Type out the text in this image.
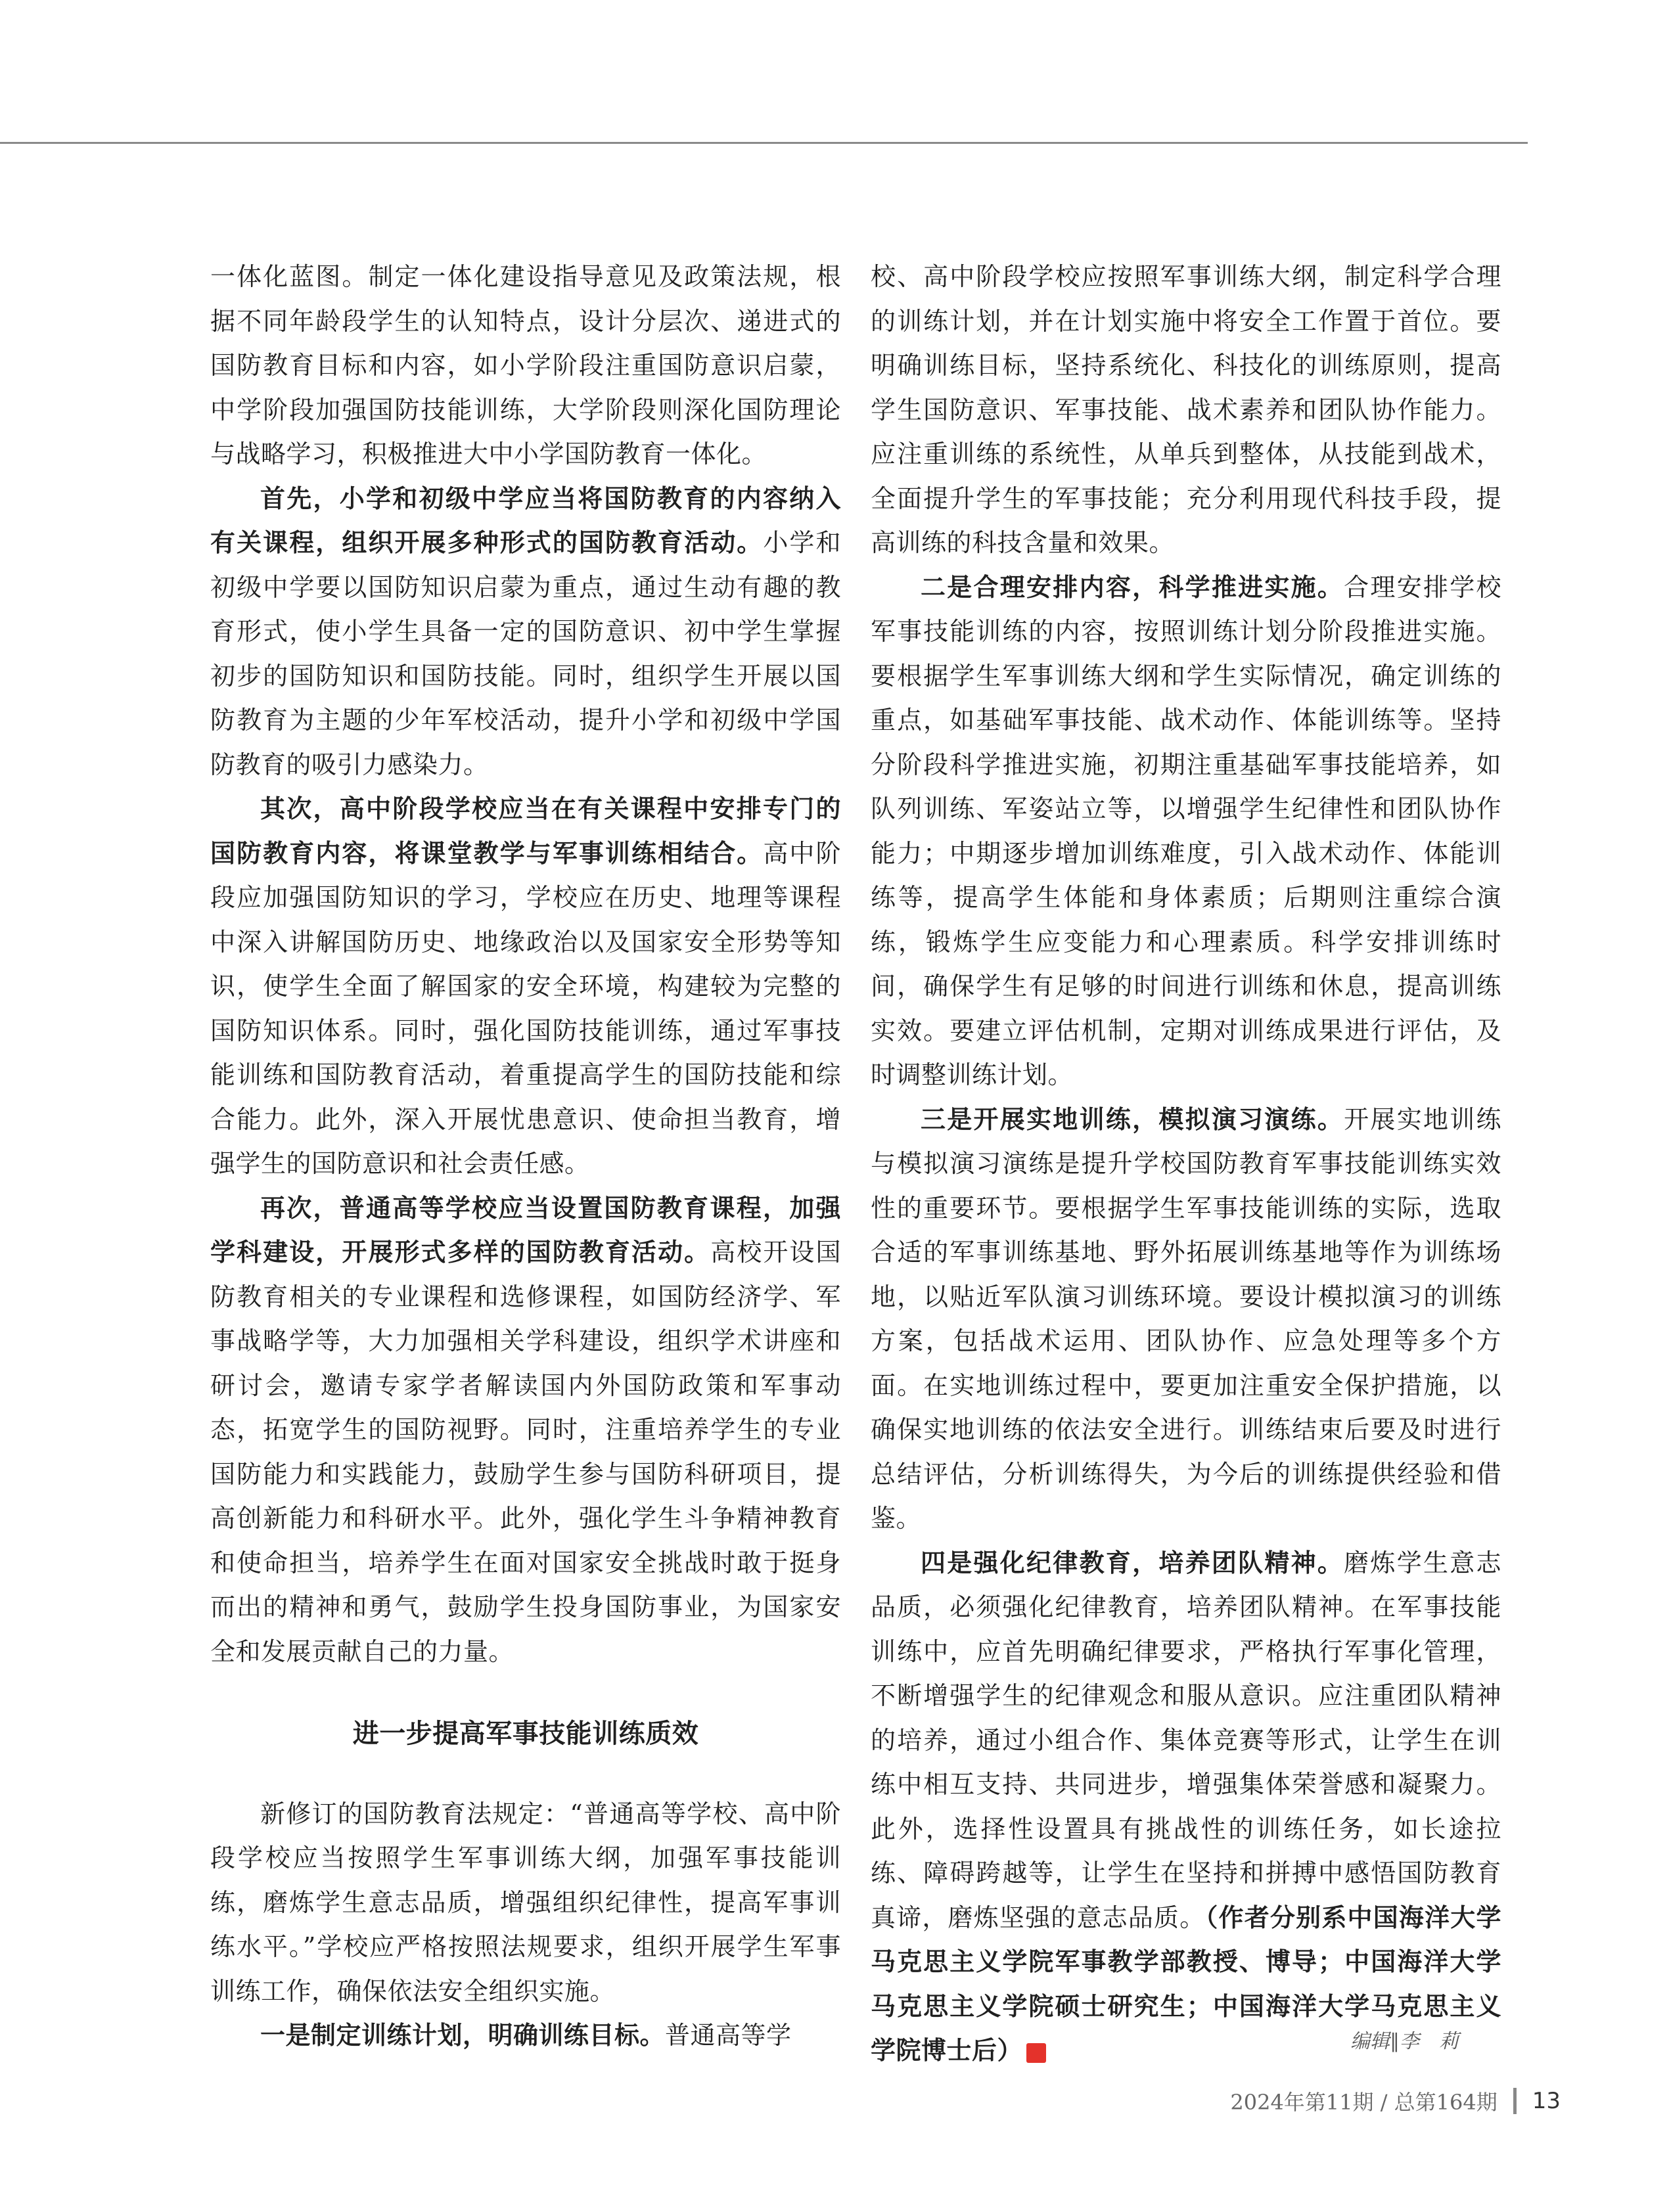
一体化蓝图。制定一体化建设指导意见及政策法规，根据不同年龄段学生的认知特点，设计分层次、递进式的国防教育目标和内容，如小学阶段注重国防意识启蒙，中学阶段加强国防技能训练，大学阶段则深化国防理论与战略学习，积极推进大中小学国防教育一体化。

首先，小学和初级中学应当将国防教育的内容纳入有关课程，组织开展多种形式的国防教育活动。小学和初级中学要以国防知识启蒙为重点，通过生动有趣的教育形式，使小学生具备一定的国防意识、初中学生掌握初步的国防知识和国防技能。同时，组织学生开展以国防教育为主题的少年军校活动，提升小学和初级中学国防教育的吸引力感染力。

其次，高中阶段学校应当在有关课程中安排专门的国防教育内容，将课堂教学与军事训练相结合。高中阶段应加强国防知识的学习，学校应在历史、地理等课程中深入讲解国防历史、地缘政治以及国家安全形势等知识，使学生全面了解国家的安全环境，构建较为完整的国防知识体系。同时，强化国防技能训练，通过军事技能训练和国防教育活动，着重提高学生的国防技能和综合能力。此外，深入开展忧患意识、使命担当教育，增强学生的国防意识和社会责任感。

再次，普通高等学校应当设置国防教育课程，加强学科建设，开展形式多样的国防教育活动。高校开设国防教育相关的专业课程和选修课程，如国防经济学、军事战略学等，大力加强相关学科建设，组织学术讲座和研讨会，邀请专家学者解读国内外国防政策和军事动态，拓宽学生的国防视野。同时，注重培养学生的专业国防能力和实践能力，鼓励学生参与国防科研项目，提高创新能力和科研水平。此外，强化学生斗争精神教育和使命担当，培养学生在面对国家安全挑战时敢于挺身而出的精神和勇气，鼓励学生投身国防事业，为国家安全和发展贡献自己的力量。

进一步提高军事技能训练质效

新修订的国防教育法规定：“普通高等学校、高中阶段学校应当按照学生军事训练大纲，加强军事技能训练，磨炼学生意志品质，增强组织纪律性，提高军事训练水平。”学校应严格按照法规要求，组织开展学生军事训练工作，确保依法安全组织实施。

一是制定训练计划，明确训练目标。普通高等学

校、高中阶段学校应按照军事训练大纲，制定科学合理的训练计划，并在计划实施中将安全工作置于首位。要明确训练目标，坚持系统化、科技化的训练原则，提高学生国防意识、军事技能、战术素养和团队协作能力。应注重训练的系统性，从单兵到整体，从技能到战术，全面提升学生的军事技能；充分利用现代科技手段，提高训练的科技含量和效果。

二是合理安排内容，科学推进实施。合理安排学校军事技能训练的内容，按照训练计划分阶段推进实施。要根据学生军事训练大纲和学生实际情况，确定训练的重点，如基础军事技能、战术动作、体能训练等。坚持分阶段科学推进实施，初期注重基础军事技能培养，如队列训练、军姿站立等，以增强学生纪律性和团队协作能力；中期逐步增加训练难度，引入战术动作、体能训练等，提高学生体能和身体素质；后期则注重综合演练，锻炼学生应变能力和心理素质。科学安排训练时间，确保学生有足够的时间进行训练和休息，提高训练实效。要建立评估机制，定期对训练成果进行评估，及时调整训练计划。

三是开展实地训练，模拟演习演练。开展实地训练与模拟演习演练是提升学校国防教育军事技能训练实效性的重要环节。要根据学生军事技能训练的实际，选取合适的军事训练基地、野外拓展训练基地等作为训练场地，以贴近军队演习训练环境。要设计模拟演习的训练方案，包括战术运用、团队协作、应急处理等多个方面。在实地训练过程中，要更加注重安全保护措施，以确保实地训练的依法安全进行。训练结束后要及时进行总结评估，分析训练得失，为今后的训练提供经验和借鉴。

四是强化纪律教育，培养团队精神。磨炼学生意志品质，必须强化纪律教育，培养团队精神。在军事技能训练中，应首先明确纪律要求，严格执行军事化管理，不断增强学生的纪律观念和服从意识。应注重团队精神的培养，通过小组合作、集体竞赛等形式，让学生在训练中相互支持、共同进步，增强集体荣誉感和凝聚力。此外，选择性设置具有挑战性的训练任务，如长途拉练、障碍跨越等，让学生在坚持和拼搏中感悟国防教育真谛，磨炼坚强的意志品质。（作者分别系中国海洋大学马克思主义学院军事教学部教授、博导；中国海洋大学马克思主义学院硕士研究生；中国海洋大学马克思主义学院博士后）	G	编辑∥李　莉
2024年第11期 / 总第164期 13
